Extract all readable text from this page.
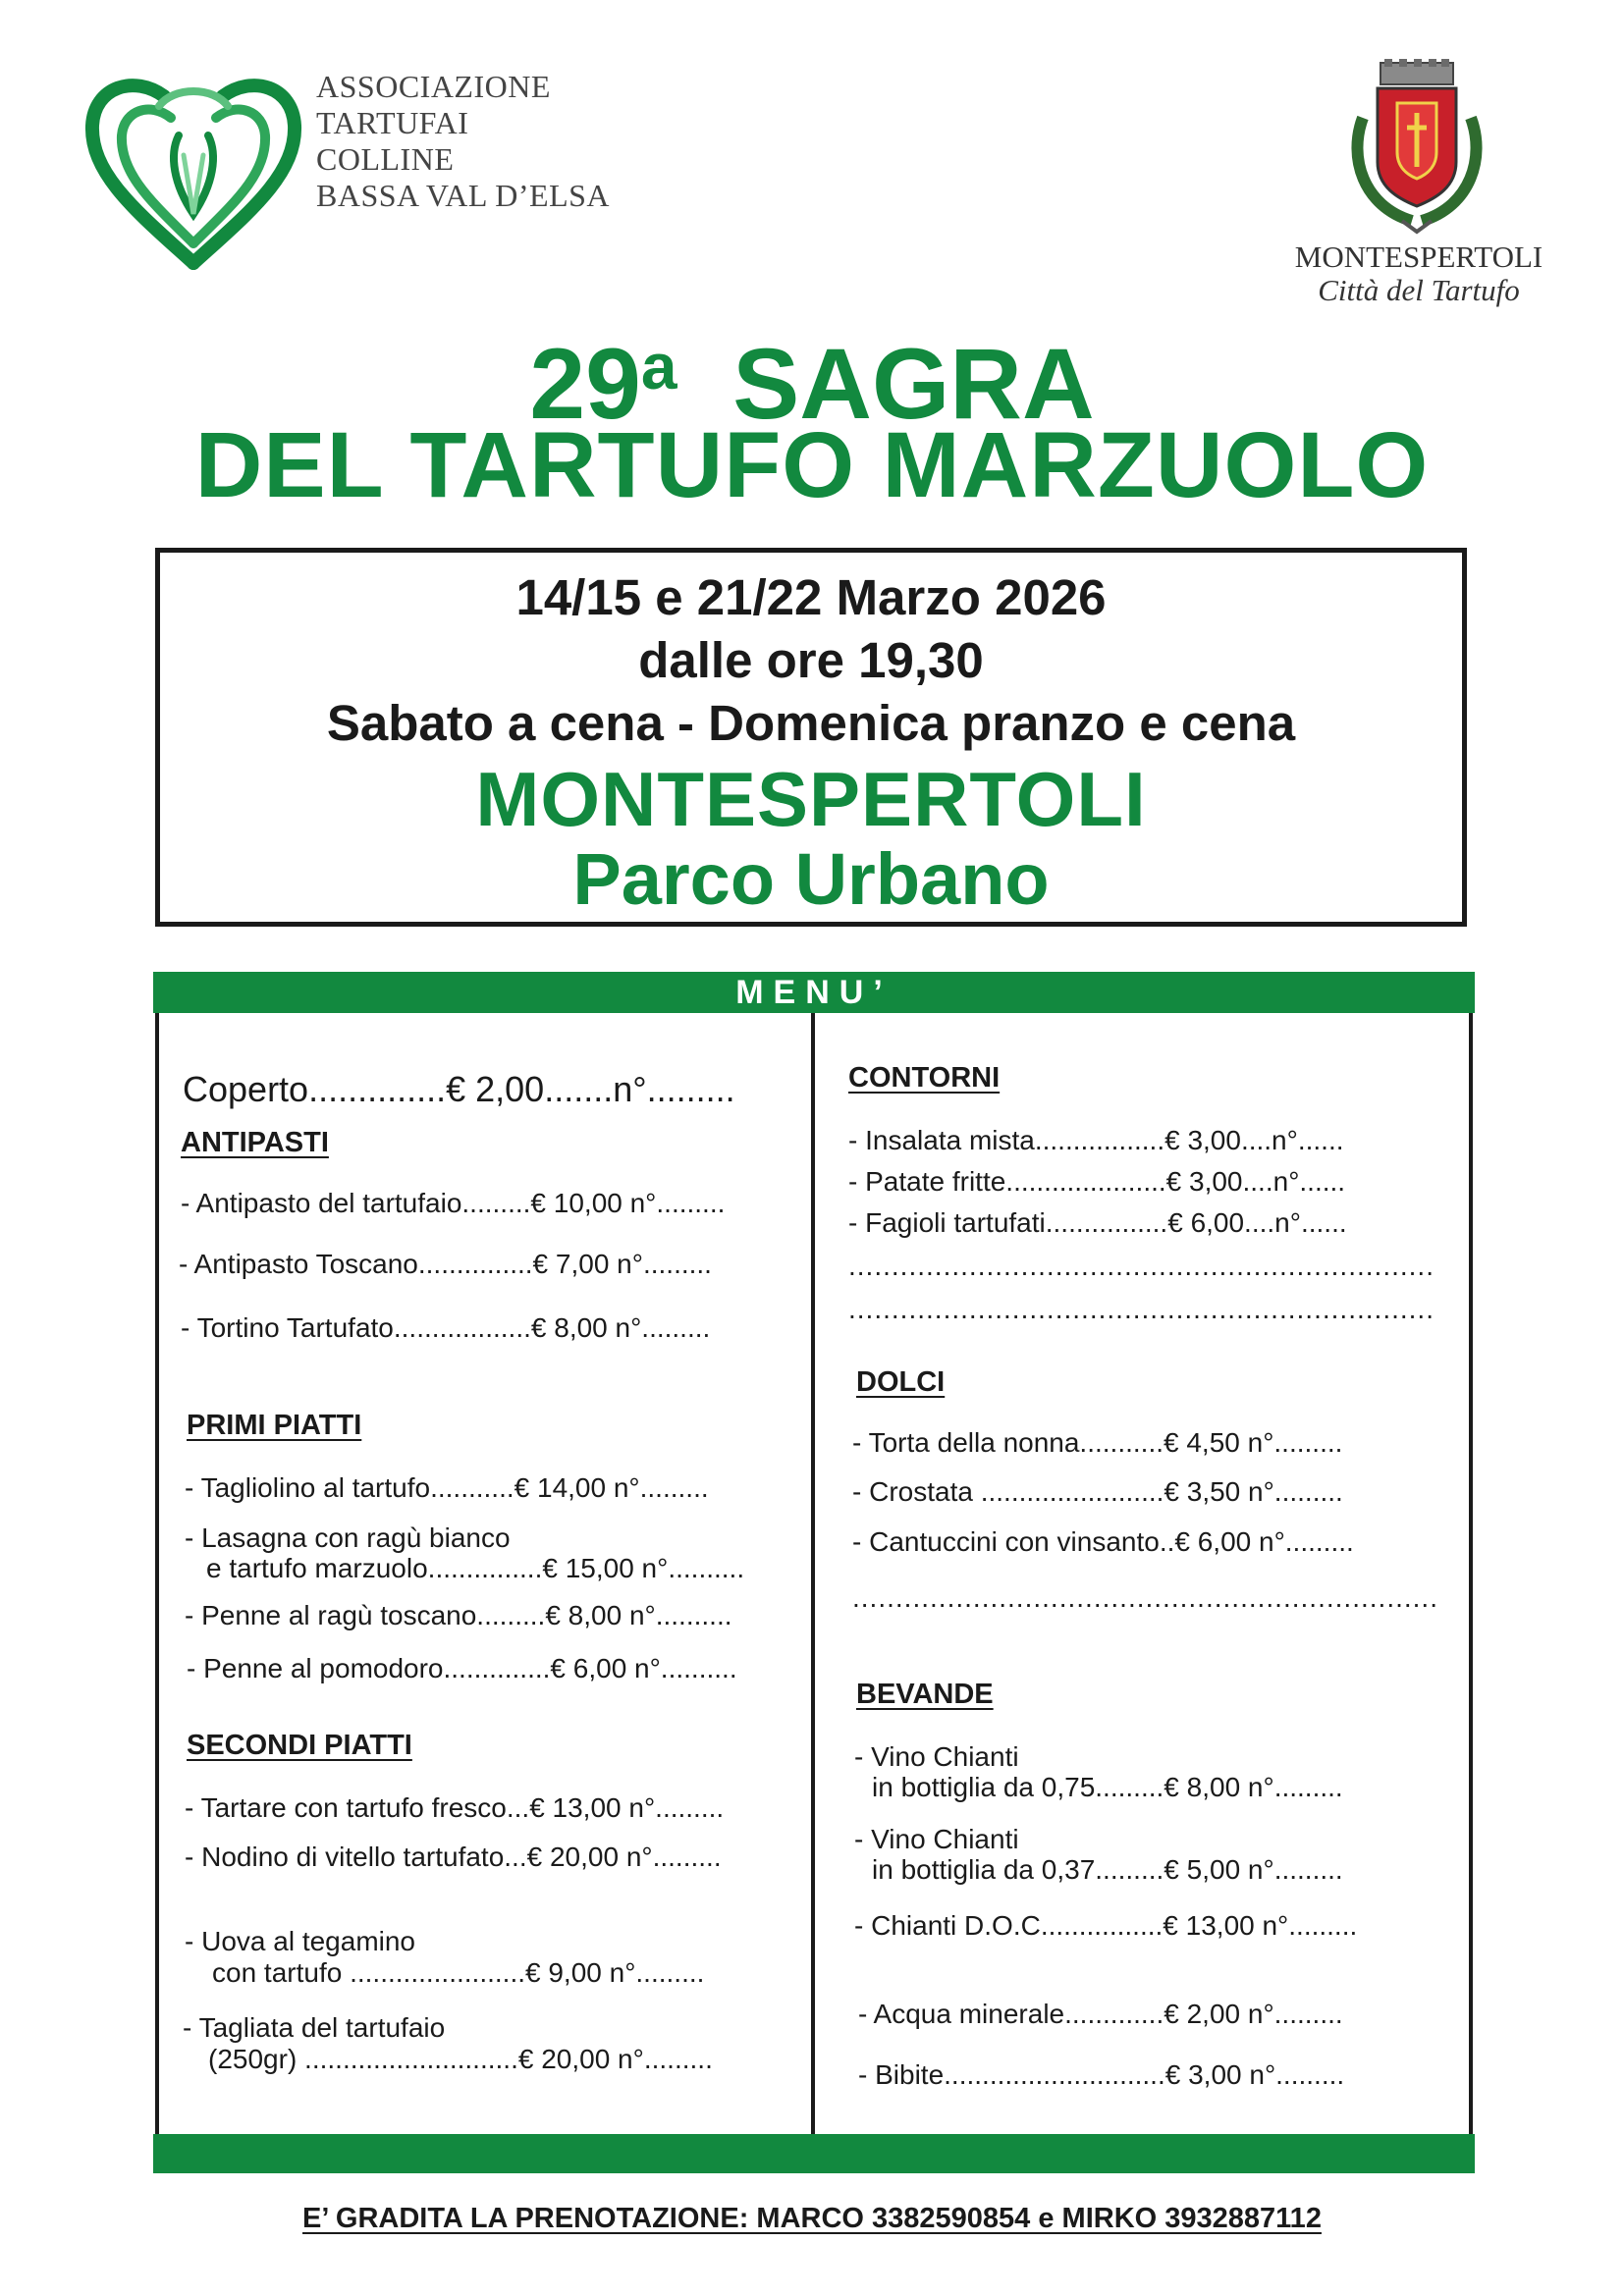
ASSOCIAZIONE
TARTUFAI
COLLINE
BASSA VAL D’ELSA
MONTESPERTOLI
Città del Tartufo
29$^a$ SAGRA
DEL TARTUFO MARZUOLO
14/15 e 21/22 Marzo 2026
dalle ore 19,30
Sabato a cena - Domenica pranzo e cena
MONTESPERTOLI
Parco Urbano
MENU’
Coperto..............€ 2,00.......n°.........
ANTIPASTI
- Antipasto del tartufaio.........€ 10,00 n°.........
- Antipasto Toscano...............€ 7,00 n°.........
- Tortino Tartufato..................€ 8,00 n°.........
PRIMI PIATTI
- Tagliolino al tartufo...........€ 14,00 n°.........
- Lasagna con ragù bianco
e tartufo marzuolo...............€ 15,00 n°..........
- Penne al ragù toscano.........€ 8,00 n°..........
- Penne al pomodoro..............€ 6,00 n°..........
SECONDI PIATTI
- Tartare con tartufo fresco...€ 13,00 n°.........
- Nodino di vitello tartufato...€ 20,00 n°.........
- Uova al tegamino
con tartufo .......................€ 9,00 n°.........
- Tagliata del tartufaio
(250gr) ............................€ 20,00 n°.........
CONTORNI
- Insalata mista.................€ 3,00....n°......
- Patate fritte.....................€ 3,00....n°......
- Fagioli tartufati................€ 6,00....n°......
....................................................................
....................................................................
DOLCI
- Torta della nonna...........€ 4,50 n°.........
- Crostata ........................€ 3,50 n°.........
- Cantuccini con vinsanto..€ 6,00 n°.........
....................................................................
BEVANDE
- Vino Chianti
in bottiglia da 0,75.........€ 8,00 n°.........
- Vino Chianti
in bottiglia da 0,37.........€ 5,00 n°.........
- Chianti D.O.C................€ 13,00 n°.........
- Acqua minerale.............€ 2,00 n°.........
- Bibite.............................€ 3,00 n°.........
E’ GRADITA LA PRENOTAZIONE: MARCO 3382590854 e MIRKO 3932887112
